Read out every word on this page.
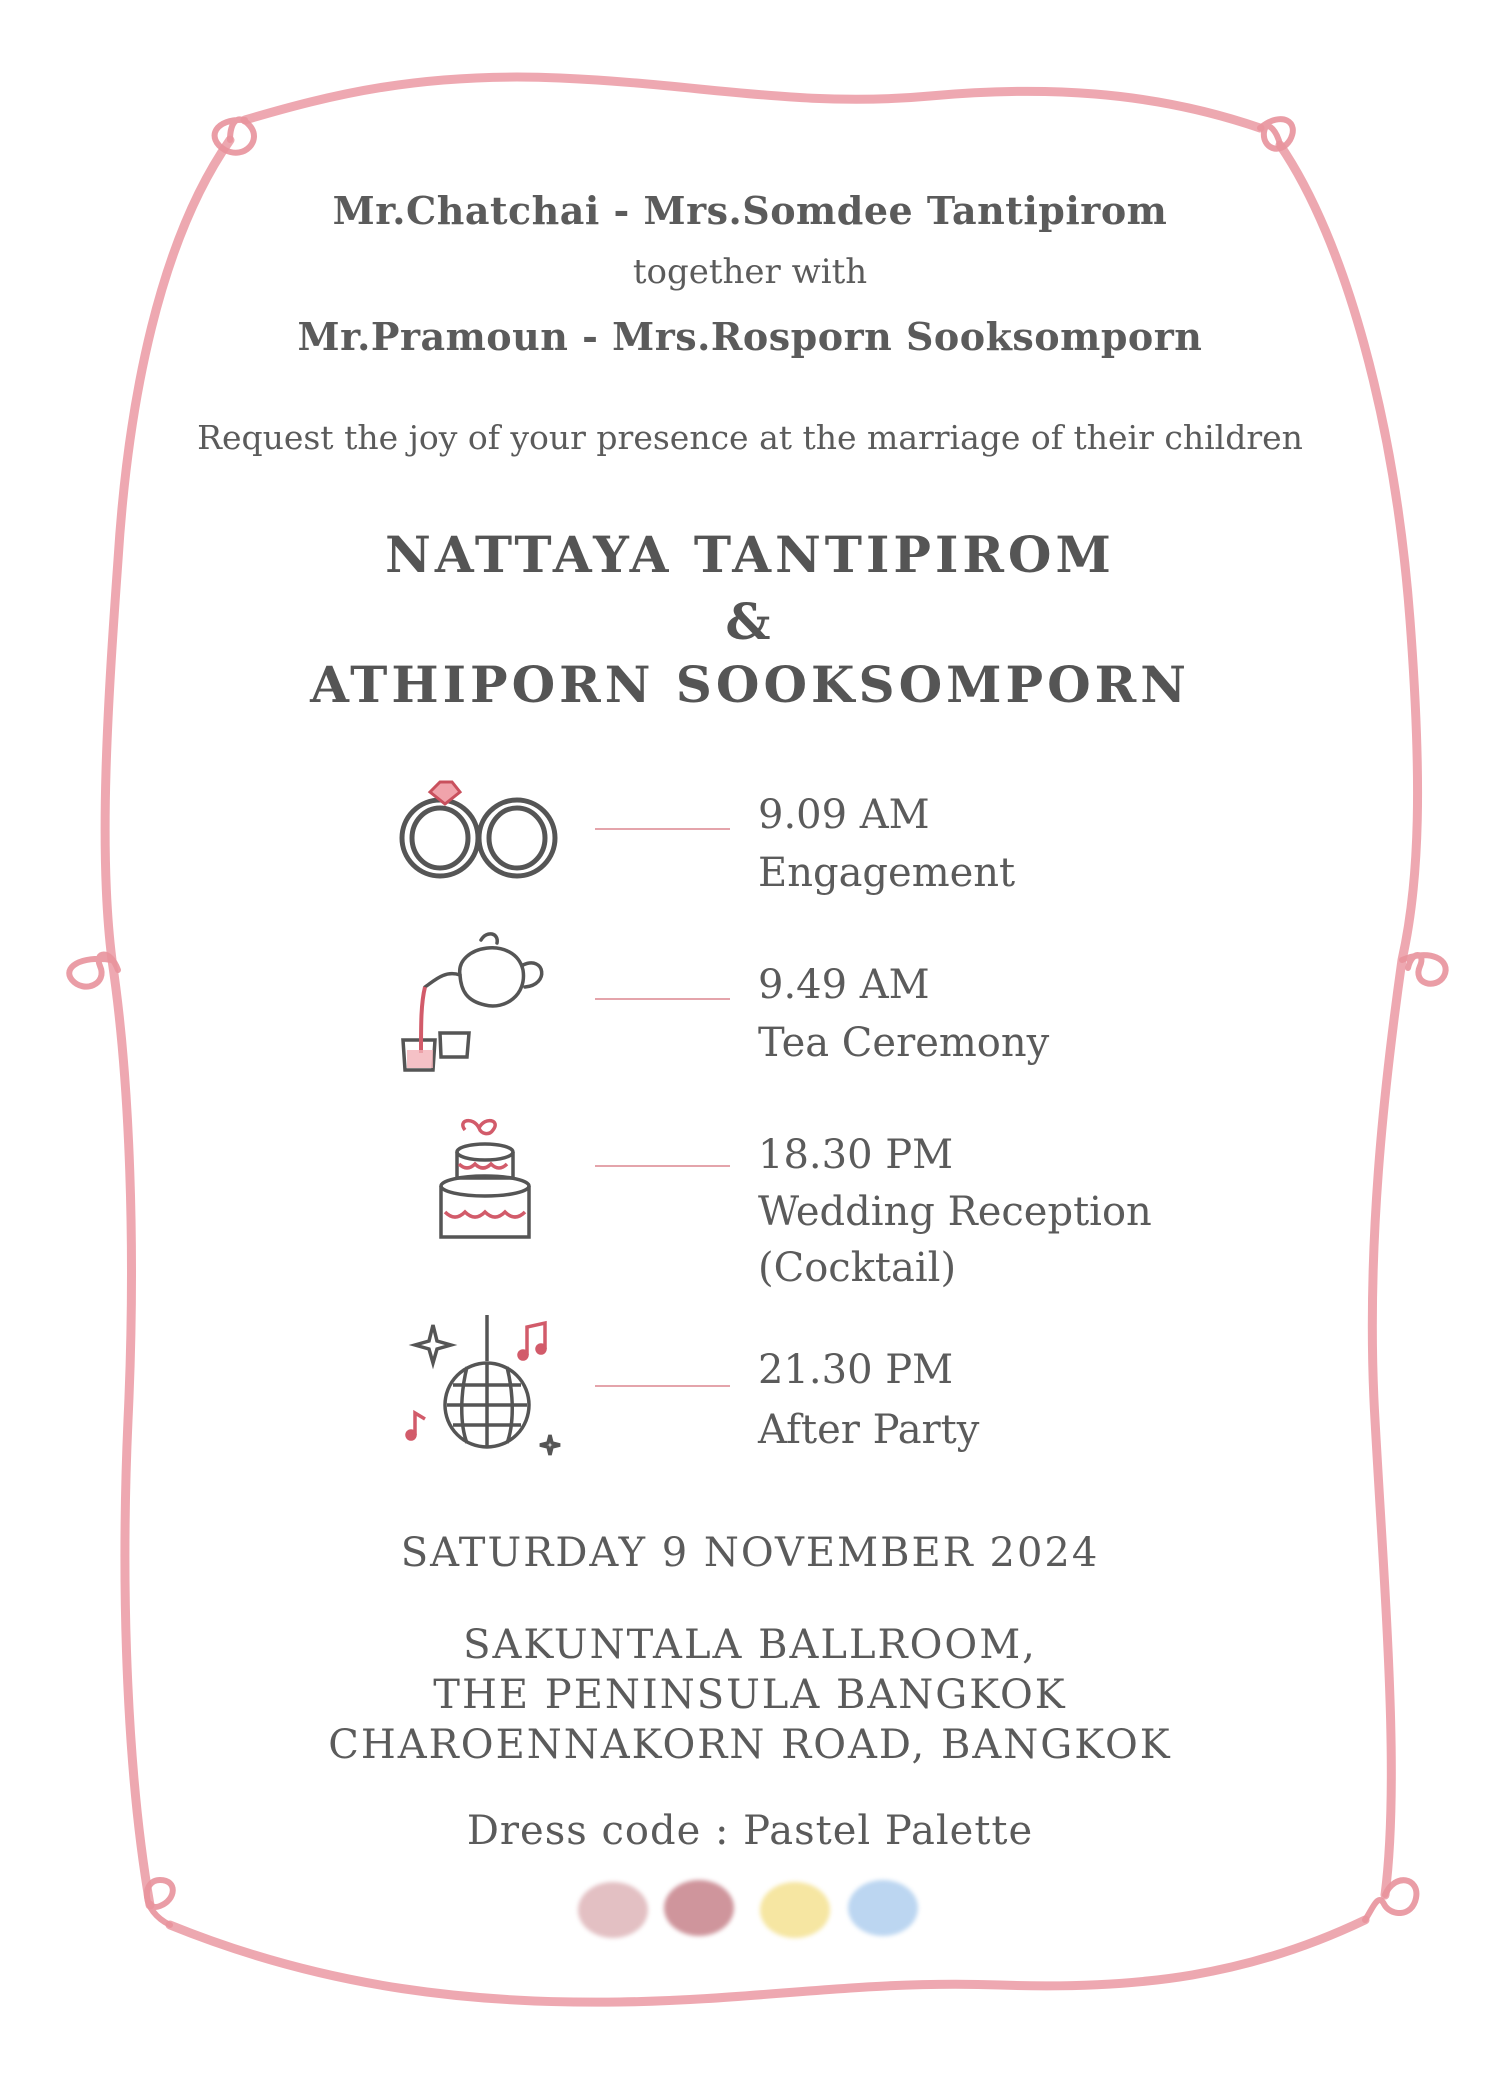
Mr.Chatchai - Mrs.Somdee Tantipirom
together with
Mr.Pramoun - Mrs.Rosporn Sooksomporn
Request the joy of your presence at the marriage of their children
NATTAYA TANTIPIROM
&
ATHIPORN SOOKSOMPORN
9.09 AM
Engagement
9.49 AM
Tea Ceremony
18.30 PM
Wedding Reception
(Cocktail)
21.30 PM
After Party
SATURDAY 9 NOVEMBER 2024
SAKUNTALA BALLROOM,
THE PENINSULA BANGKOK
CHAROENNAKORN ROAD, BANGKOK
Dress code : Pastel Palette
